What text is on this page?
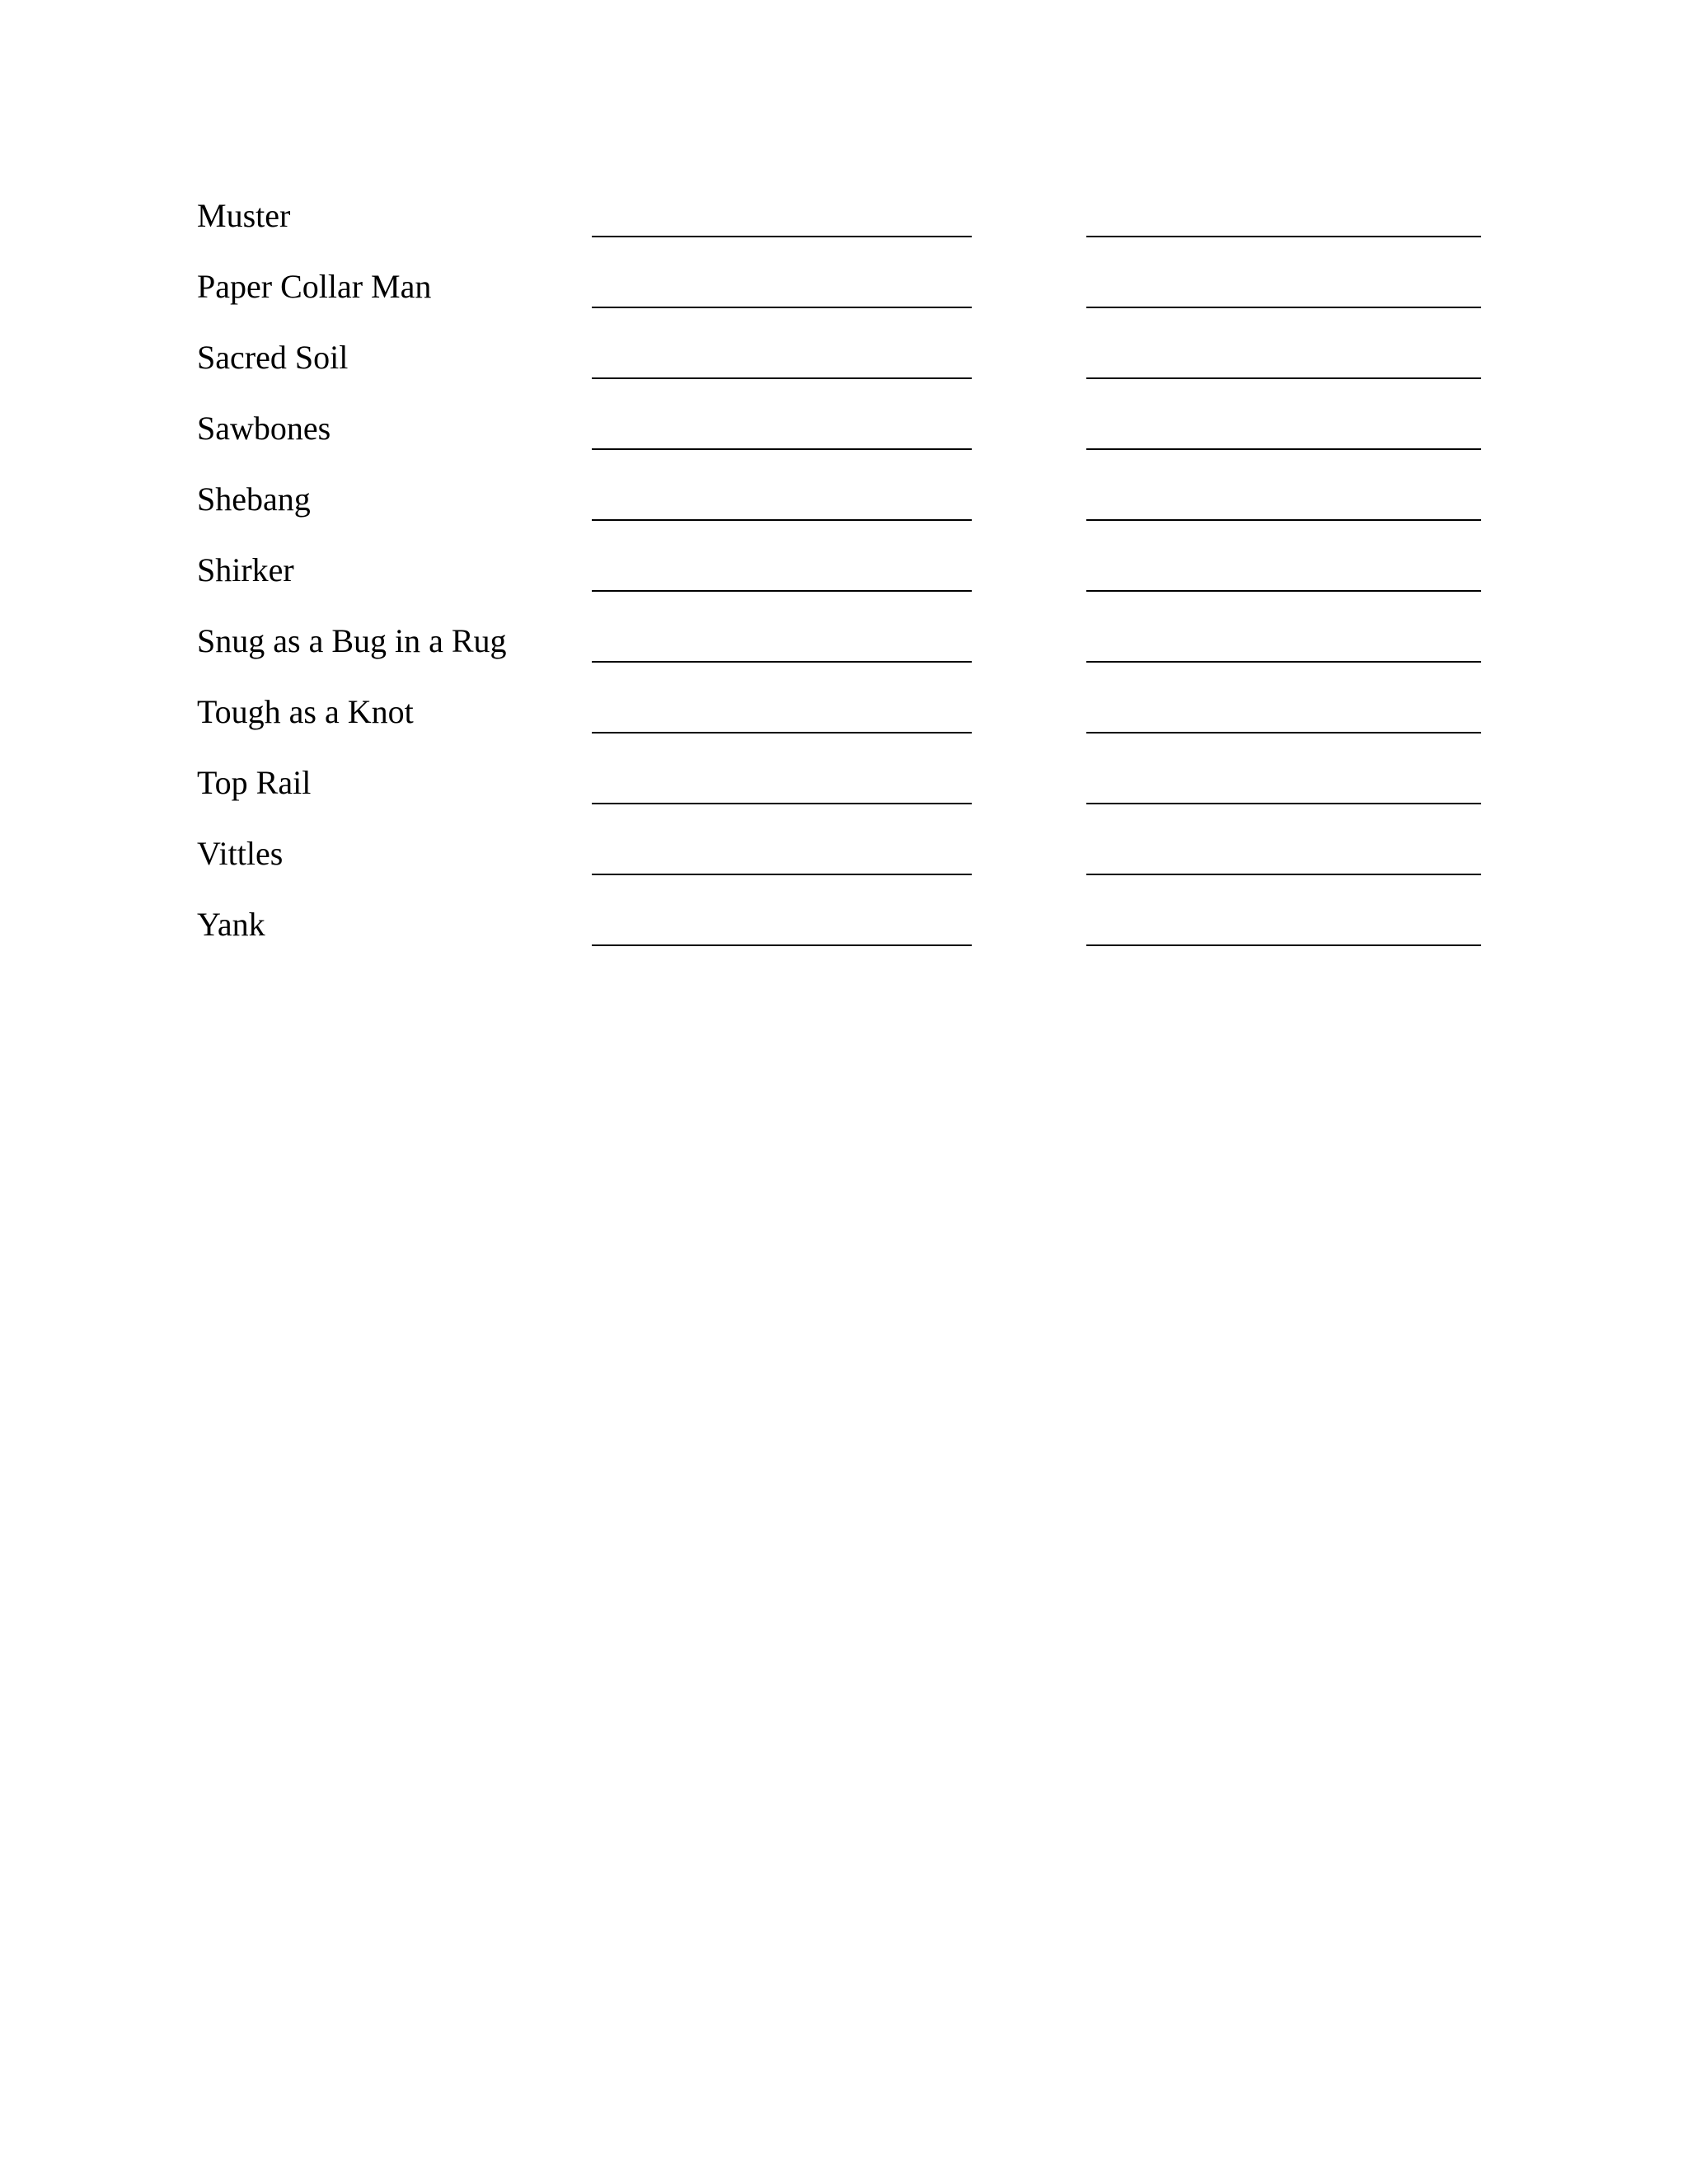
Muster
Paper Collar Man
Sacred Soil
Sawbones
Shebang
Shirker
Snug as a Bug in a Rug
Tough as a Knot
Top Rail
Vittles
Yank
